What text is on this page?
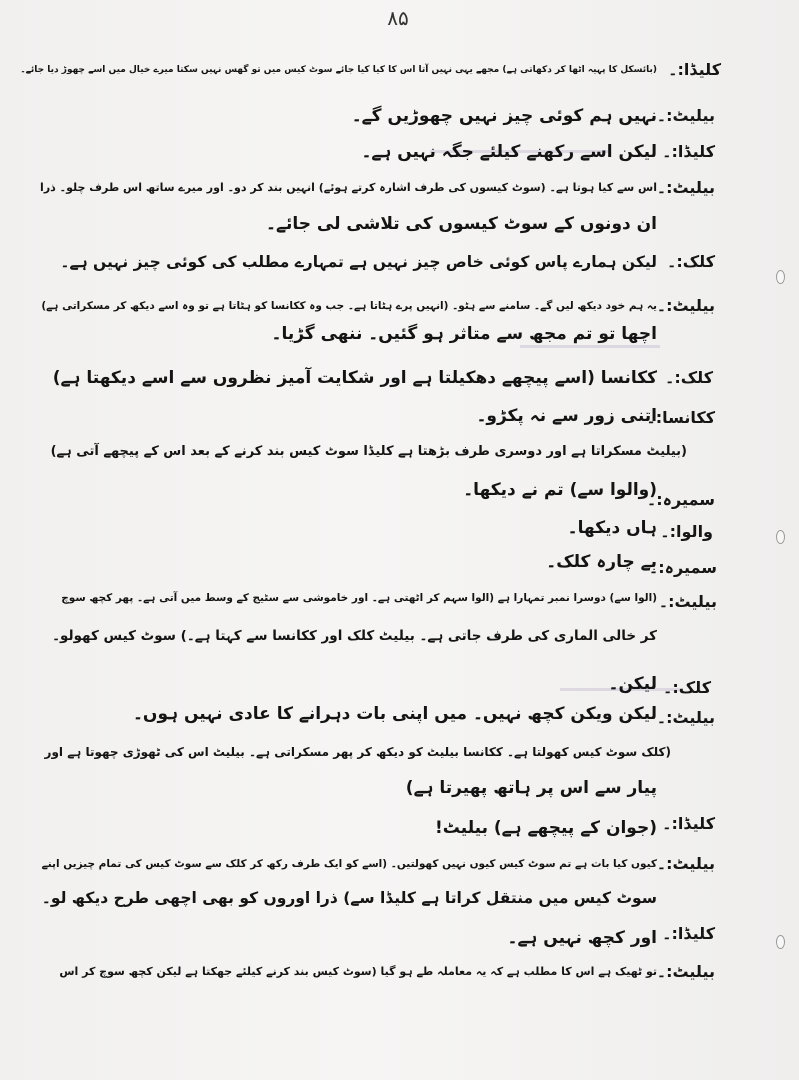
۸۵
کلیڈا:۔
بیلیٹ:۔
کلیڈا:۔
بیلیٹ:۔
کلک:۔
بیلیٹ:۔
کلک:۔
ککانسا:۔
سمیرہ:۔
والوا:۔
سمیرہ:۔
بیلیٹ:۔
کلک:۔
بیلیٹ:۔
کلیڈا:۔
بیلیٹ:۔
کلیڈا:۔
بیلیٹ:۔
(بائسکل کا پہیہ اٹھا کر دکھاتی ہے) مجھے یہی نہیں آتا اس کا کیا کیا جائے سوٹ کیس میں تو گھس نہیں سکتا میرے خیال میں اسے چھوڑ دیا جائے۔
نہیں ہم کوئی چیز نہیں چھوڑیں گے۔
لیکن اسے رکھنے کیلئے جگہ نہیں ہے۔
اس سے کیا ہوتا ہے۔ (سوٹ کیسوں کی طرف اشارہ کرتے ہوئے) انہیں بند کر دو۔ اور میرے ساتھ اس طرف چلو۔ ذرا
ان دونوں کے سوٹ کیسوں کی تلاشی لی جائے۔
لیکن ہمارے پاس کوئی خاص چیز نہیں ہے تمہارے مطلب کی کوئی چیز نہیں ہے۔
یہ ہم خود دیکھ لیں گے۔ سامنے سے ہٹو۔ (انہیں پرے ہٹاتا ہے۔ جب وہ ککانسا کو ہٹاتا ہے تو وہ اسے دیکھ کر مسکراتی ہے)
اچھا تو تم مجھ سے متاثر ہو گئیں۔ ننھی گڑیا۔
ککانسا (اسے پیچھے دھکیلتا ہے اور شکایت آمیز نظروں سے اسے دیکھتا ہے)
اتنی زور سے نہ پکڑو۔
(بیلیٹ مسکراتا ہے اور دوسری طرف بڑھتا ہے کلیڈا سوٹ کیس بند کرنے کے بعد اس کے پیچھے آتی ہے)
(والوا سے) تم نے دیکھا۔
ہاں دیکھا۔
بے چارہ کلک۔
(الوا سے) دوسرا نمبر تمہارا ہے (الوا سہم کر اٹھتی ہے۔ اور خاموشی سے سٹیج کے وسط میں آتی ہے۔ پھر کچھ سوچ
کر خالی الماری کی طرف جاتی ہے۔ بیلیٹ کلک اور ککانسا سے کہتا ہے۔) سوٹ کیس کھولو۔
لیکن۔
لیکن ویکن کچھ نہیں۔ میں اپنی بات دہرانے کا عادی نہیں ہوں۔
(کلک سوٹ کیس کھولتا ہے۔ ککانسا بیلیٹ کو دیکھ کر پھر مسکراتی ہے۔ بیلیٹ اس کی ٹھوڑی چھوتا ہے اور
پیار سے اس پر ہاتھ پھیرتا ہے)
(جوان کے پیچھے ہے) بیلیٹ!
کیوں کیا بات ہے تم سوٹ کیس کیوں نہیں کھولتیں۔ (اسے کو ایک طرف رکھ کر کلک سے سوٹ کیس کی تمام چیزیں اپنے
سوٹ کیس میں منتقل کراتا ہے کلیڈا سے) ذرا اوروں کو بھی اچھی طرح دیکھ لو۔
اور کچھ نہیں ہے۔
تو ٹھیک ہے اس کا مطلب ہے کہ یہ معاملہ طے ہو گیا (سوٹ کیس بند کرنے کیلئے جھکتا ہے لیکن کچھ سوچ کر اس
